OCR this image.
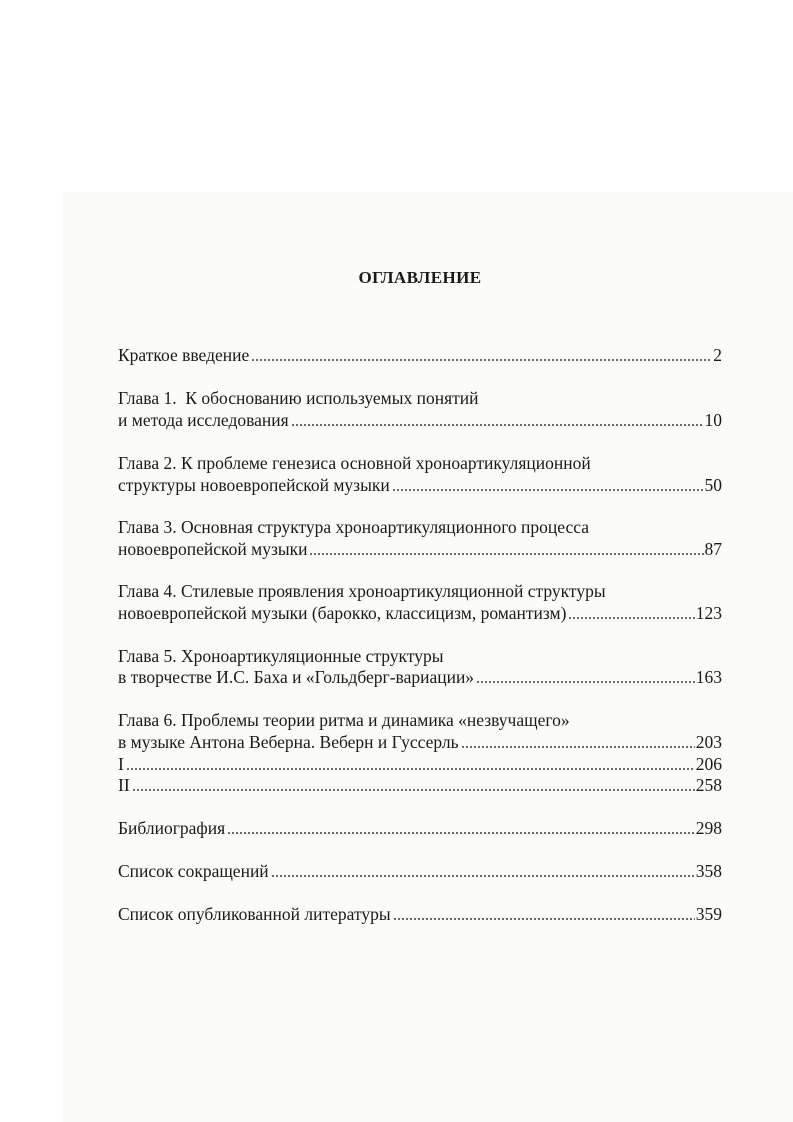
ОГЛАВЛЕНИЕ
Краткое введение	2
Глава 1.  К обоснованию используемых понятий
и метода исследования	10
Глава 2. К проблеме генезиса основной хроноартикуляционной
структуры новоевропейской музыки	50
Глава 3. Основная структура хроноартикуляционного процесса
новоевропейской музыки	87
Глава 4. Стилевые проявления хроноартикуляционной структуры
новоевропейской музыки (барокко, классицизм, романтизм)	123
Глава 5. Хроноартикуляционные структуры
в творчестве И.С. Баха и «Гольдберг-вариации»	163
Глава 6. Проблемы теории ритма и динамика «незвучащего»
в музыке Антона Веберна. Веберн и Гуссерль	203
I	206
II	258
Библиография	298
Список сокращений	358
Список опубликованной литературы	359
